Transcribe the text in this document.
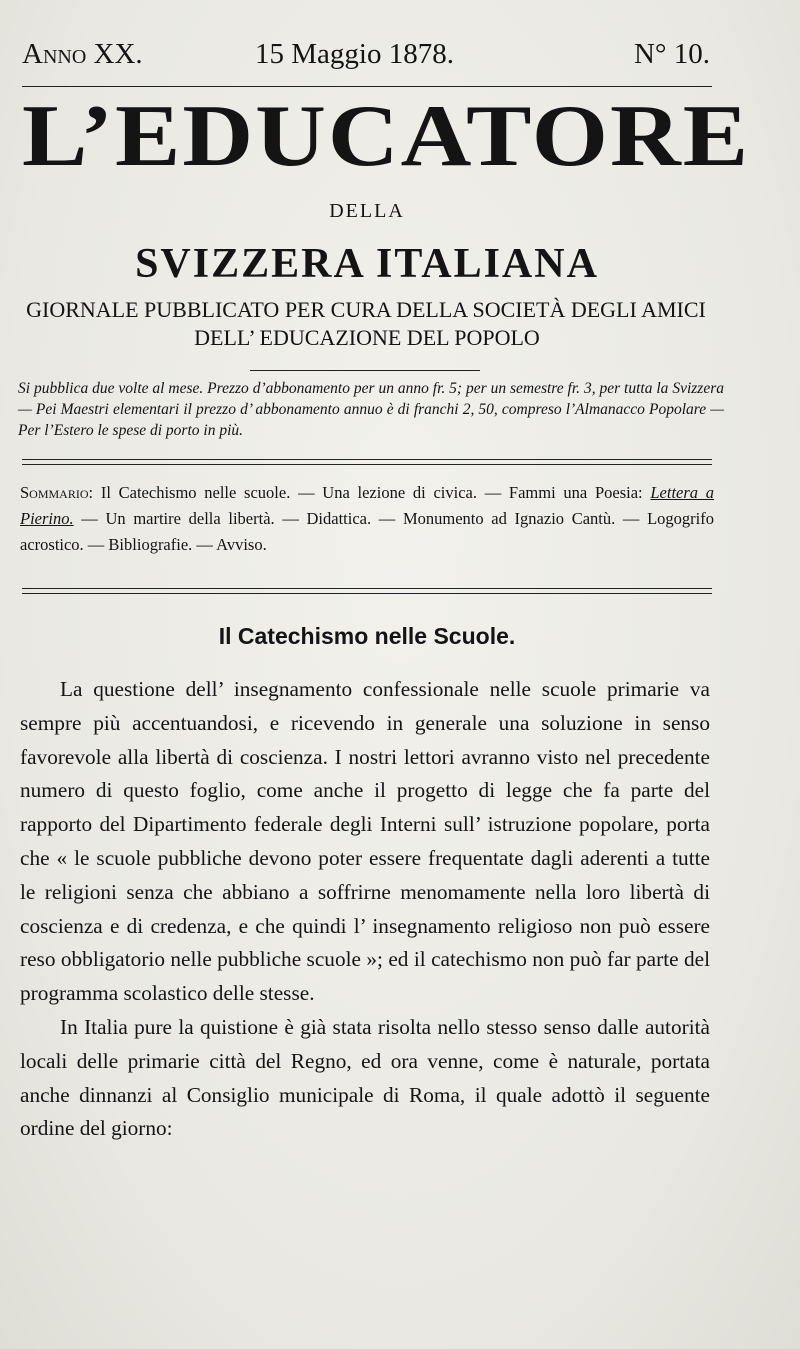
Anno XX.	15 Maggio 1878.	N° 10.
L’EDUCATORE
DELLA
SVIZZERA ITALIANA
GIORNALE PUBBLICATO PER CURA DELLA SOCIETÀ DEGLI AMICI
DELL’ EDUCAZIONE DEL POPOLO

Si pubblica due volte al mese. Prezzo d’abbonamento per un anno fr. 5; per un semestre fr. 3, per tutta la Svizzera — Pei Maestri elementari il prezzo d’ abbonamento annuo è di franchi 2, 50, compreso l’Almanacco Popolare — Per l’Estero le spese di porto in più.

Sommario: Il Catechismo nelle scuole. — Una lezione di civica. — Fammi una Poesia: Lettera a Pierino. — Un martire della libertà. — Didattica. — Monumento ad Ignazio Cantù. — Logogrifo acrostico. — Bibliografie. — Avviso.
Il Catechismo nelle Scuole.

La questione dell’ insegnamento confessionale nelle scuole primarie va sempre più accentuandosi, e ricevendo in generale una soluzione in senso favorevole alla libertà di coscienza. I nostri lettori avranno visto nel precedente numero di questo foglio, come anche il progetto di legge che fa parte del rapporto del Dipartimento federale degli Interni sull’ istruzione popolare, porta che « le scuole pubbliche devono poter essere frequentate dagli aderenti a tutte le religioni senza che abbiano a soffrirne menomamente nella loro libertà di coscienza e di credenza, e che quindi l’ insegnamento religioso non può essere reso obbligatorio nelle pubbliche scuole »; ed il catechismo non può far parte del programma scolastico delle stesse.

In Italia pure la quistione è già stata risolta nello stesso senso dalle autorità locali delle primarie città del Regno, ed ora venne, come è naturale, portata anche dinnanzi al Consiglio municipale di Roma, il quale adottò il seguente ordine del giorno:
